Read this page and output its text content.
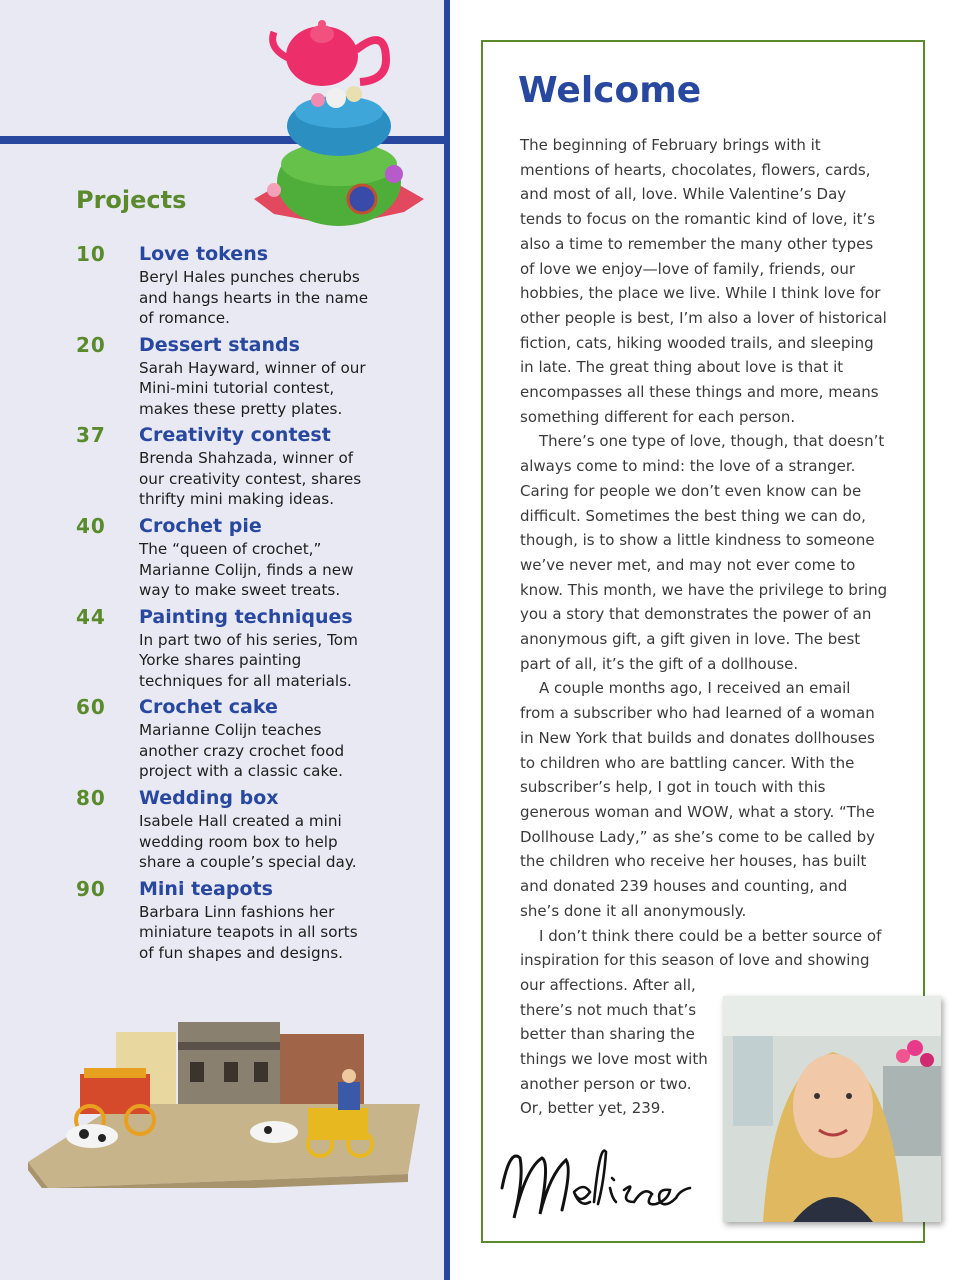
Projects
10 Love tokens
Beryl Hales punches cherubs and hangs hearts in the name of romance.
20 Dessert stands
Sarah Hayward, winner of our Mini-mini tutorial contest, makes these pretty plates.
37 Creativity contest
Brenda Shahzada, winner of our creativity contest, shares thrifty mini making ideas.
40 Crochet pie
The “queen of crochet,” Marianne Colijn, finds a new way to make sweet treats.
44 Painting techniques
In part two of his series, Tom Yorke shares painting techniques for all materials.
60 Crochet cake
Marianne Colijn teaches another crazy crochet food project with a classic cake.
80 Wedding box
Isabele Hall created a mini wedding room box to help share a couple’s special day.
90 Mini teapots
Barbara Linn fashions her miniature teapots in all sorts of fun shapes and designs.
Welcome

The beginning of February brings with it mentions of hearts, chocolates, flowers, cards, and most of all, love. While Valentine’s Day tends to focus on the romantic kind of love, it’s also a time to remember the many other types of love we enjoy—love of family, friends, our hobbies, the place we live. While I think love for other people is best, I’m also a lover of historical fiction, cats, hiking wooded trails, and sleeping in late. The great thing about love is that it encompasses all these things and more, means something different for each person.

There’s one type of love, though, that doesn’t always come to mind: the love of a stranger. Caring for people we don’t even know can be difficult. Sometimes the best thing we can do, though, is to show a little kindness to someone we’ve never met, and may not ever come to know. This month, we have the privilege to bring you a story that demonstrates the power of an anonymous gift, a gift given in love. The best part of all, it’s the gift of a dollhouse.

A couple months ago, I received an email from a subscriber who had learned of a woman in New York that builds and donates dollhouses to children who are battling cancer. With the subscriber’s help, I got in touch with this generous woman and WOW, what a story. “The Dollhouse Lady,” as she’s come to be called by the children who receive her houses, has built and donated 239 houses and counting, and she’s done it all anonymously.

I don’t think there could be a better source of inspiration for this season of love and showing
our affections. After all,
there’s not much that’s
better than sharing the
things we love most with
another person or two.
Or, better yet, 239.
